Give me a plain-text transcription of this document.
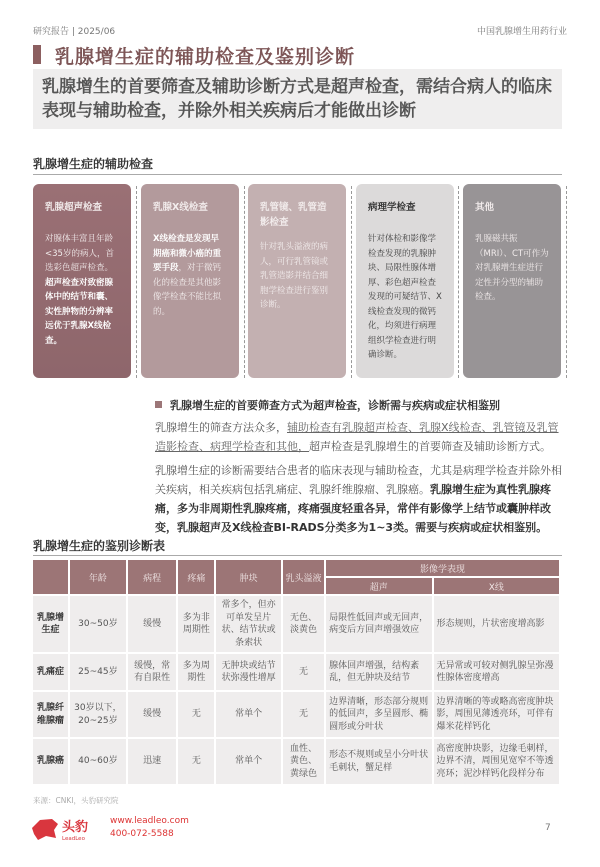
研究报告 | 2025/06	中国乳腺增生用药行业
乳腺增生症的辅助检查及鉴别诊断
乳腺增生的首要筛查及辅助诊断方式是超声检查，需结合病人的临床表现与辅助检查，并除外相关疾病后才能做出诊断
乳腺增生症的辅助检查
乳腺超声检查
对腺体丰富且年龄<35岁的病人，首选彩色超声检查。超声检查对致密腺体中的结节和囊、实性肿物的分辨率远优于乳腺X线检查。
乳腺X线检查
X线检查是发现早期癌和微小癌的重要手段，对于微钙化的检查是其他影像学检查不能比拟的。
乳管镜、乳管造影检查
针对乳头溢液的病人，可行乳管镜或乳管造影并结合细胞学检查进行鉴别诊断。
病理学检查
针对体检和影像学检查发现的乳腺肿块、局限性腺体增厚、彩色超声检查发现的可疑结节、X线检查发现的微钙化，均须进行病理组织学检查进行明确诊断。
其他
乳腺磁共振（MRI）、CT可作为对乳腺增生症进行定性并分型的辅助检查。
乳腺增生症的首要筛查方式为超声检查，诊断需与疾病或症状相鉴别
乳腺增生的筛查方法众多，辅助检查有乳腺超声检查、乳腺X线检查、乳管镜及乳管造影检查、病理学检查和其他，超声检查是乳腺增生的首要筛查及辅助诊断方式。
乳腺增生症的诊断需要结合患者的临床表现与辅助检查，尤其是病理学检查并除外相关疾病，相关疾病包括乳痛症、乳腺纤维腺瘤、乳腺癌。乳腺增生症为真性乳腺疼痛，多为非周期性乳腺疼痛，疼痛强度轻重各异，常伴有影像学上结节或囊肿样改变，乳腺超声及X线检查BI-RADS分类多为1~3类。需要与疾病或症状相鉴别。
乳腺增生症的鉴别诊断表
	年龄	病程	疼痛	肿块	乳头溢液	影像学表现	
						超声	X线
乳腺增生症	30~50岁	缓慢	多为非周期性	常多个，但亦可单发呈片状、结节状或条索状	无色、淡黄色	局限性低回声或无回声，病变后方回声增强效应	形态规则，片状密度增高影
乳痛症	25~45岁	缓慢，常有自限性	多为周期性	无肿块或结节状弥漫性增厚	无	腺体回声增强，结构紊乱，但无肿块及结节	无异常或可较对侧乳腺呈弥漫性腺体密度增高
乳腺纤维腺瘤	30岁以下，20~25岁	缓慢	无	常单个	无	边界清晰，形态部分规则的低回声，多呈圆形、椭圆形或分叶状	边界清晰的等或略高密度肿块影，周围见薄透亮环，可伴有爆米花样钙化
乳腺癌	40~60岁	迅速	无	常单个	血性、黄色、黄绿色	形态不规则或呈小分叶状毛刺状，蟹足样	高密度肿块影，边缘毛刺样，边界不清，周围见宽窄不等透亮环；泥沙样钙化段样分布
来源：CNKI，头豹研究院
头豹
LeadLeo
www.leadleo.com
400-072-5588
7
